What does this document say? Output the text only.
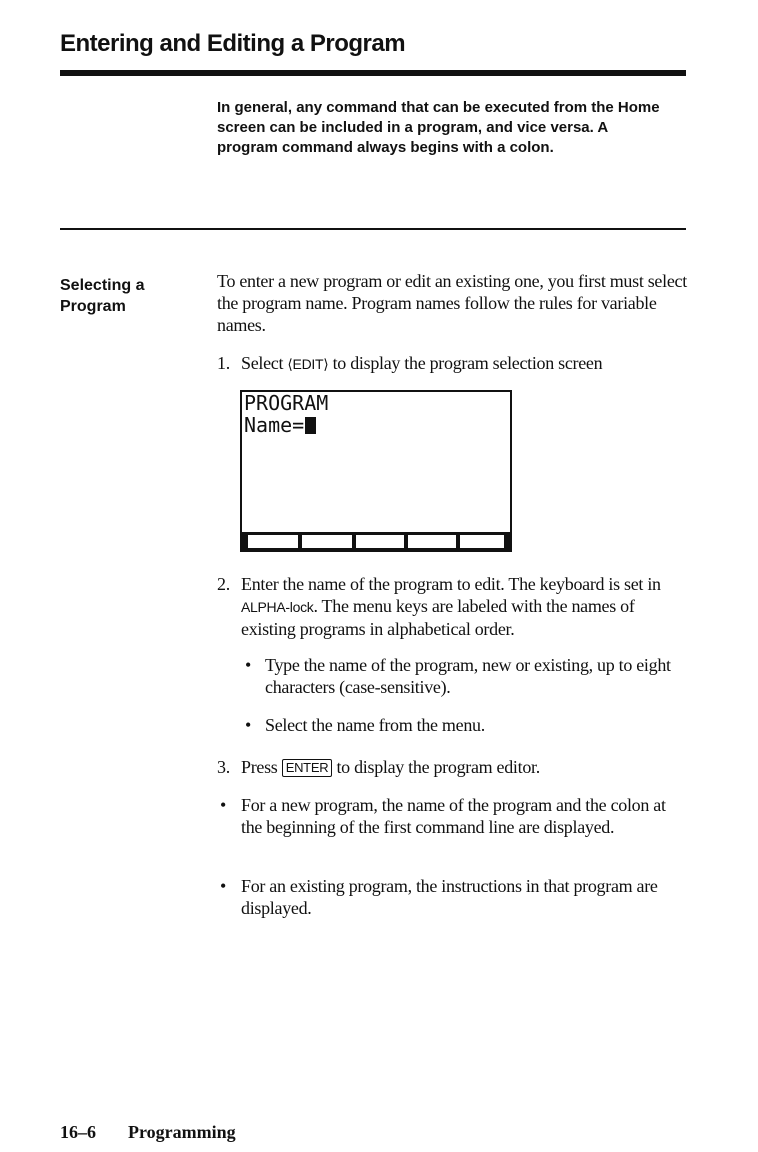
Entering and Editing a Program

In general, any command that can be executed from the Home screen can be included in a program, and vice versa. A program command always begins with a colon.

Selecting a
Program

To enter a new program or edit an existing one, you first must select the program name. Program names follow the rules for variable names.

1. Select ⟨EDIT⟩ to display the program selection screen
PROGRAM
Name=
2. Enter the name of the program to edit. The keyboard is set in ALPHA-lock. The menu keys are labeled with the names of existing programs in alphabetical order.
• Type the name of the program, new or existing, up to eight characters (case-sensitive).
• Select the name from the menu.
3. Press ENTER to display the program editor.
• For a new program, the name of the program and the colon at the beginning of the first command line are displayed.
• For an existing program, the instructions in that program are displayed.

16–6 Programming
